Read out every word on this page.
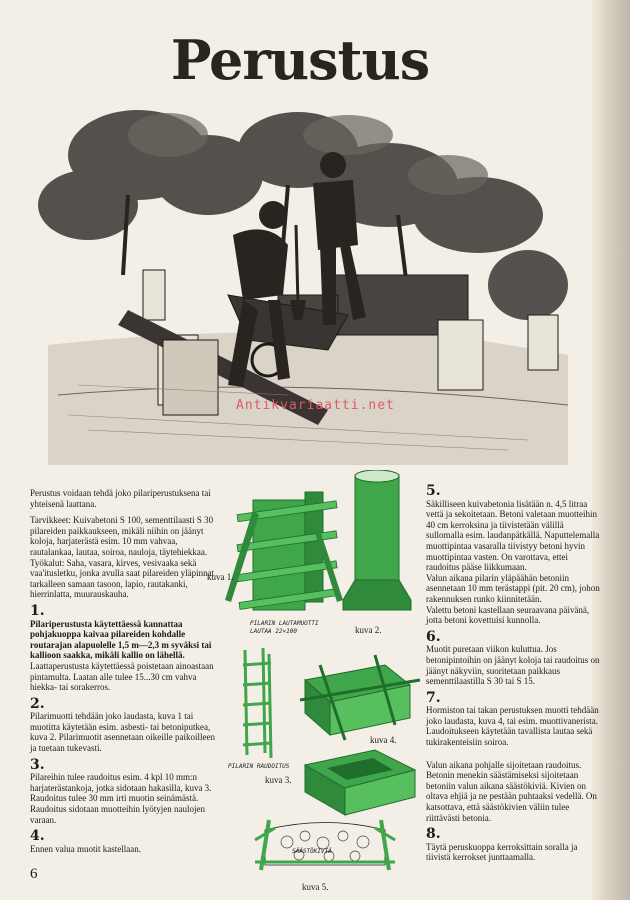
Perustus
Antikvariaatti.net

Perustus voidaan tehdä joko pilariperustuksena tai yhteisenä laattana.

Tarvikkeet: Kuivabetoni S 100, sementtilaasti S 30 pilareiden paikkaukseen, mikäli niihin on jäänyt koloja, harjaterästä esim. 10 mm vahvaa, rautalankaa, lautaa, soiroa, nauloja, täytehiekkaa. Työkalut: Saha, vasara, kirves, vesivaaka sekä vaa'itusletku, jonka avulla saat pilareiden yläpinnat tarkalleen samaan tasoon, lapio, rautakanki, hierrinlatta, muurauskauha.

1.

Pilariperustusta käytettäessä kannattaa pohjakuoppa kaivaa pilareiden kohdalle routarajan alapuolelle 1,5 m—2,3 m syväksi tai kallioon saakka, mikäli kallio on lähellä.

Laattaperustusta käytettäessä poistetaan ainoastaan pintamulta. Laatan alle tulee 15...30 cm vahva hiekka- tai sorakerros.

2.

Pilarimuotti tehdään joko laudasta, kuva 1 tai muotitta käytetään esim. asbesti- tai betoniputkea, kuva 2. Pilarimuotit asennetaan oikeille paikoilleen ja tuetaan tukevasti.

3.

Pilareihin tulee raudoitus esim. 4 kpl 10 mm:n harjaterästankoja, jotka sidotaan hakasilla, kuva 3. Raudoitus tulee 30 mm irti muotin seinämästä. Raudoitus sidotaan muotteihin lyötyjen naulojen varaan.

4.

Ennen valua muotit kastellaan.

6
kuva 1.
kuva 2.
kuva 3.
kuva 4.
kuva 5.
PILARIN LAUTAMUOTTI
LAUTAA 22×100
PILARIN RAUDOITUS
SÄÄSTÖKIVIÄ
5.

Säkilliseen kuivabetonia lisätään n. 4,5 litraa vettä ja sekoitetaan. Betoni valetaan muotteihin 40 cm kerroksina ja tiivistetään välillä sullomalla esim. laudanpätkällä. Naputtelemalla muottipintaa vasaralla tiivistyy betoni hyvin muottipintaa vasten. On varottava, ettei raudoitus pääse liikkumaan.

Valun aikana pilarin yläpäähän betoniin asennetaan 10 mm terästappi (pit. 20 cm), johon rakennuksen runko kiinnitetään.

Valettu betoni kastellaan seuraavana päivänä, jotta betoni kovettuisi kunnolla.

6.

Muotit puretaan viikon kuluttua. Jos betonipintoihin on jäänyt koloja tai raudoitus on jäänyt näkyviin, suoritetaan paikkaus sementtilaastilla S 30 tai S 15.

7.

Hormiston tai takan perustuksen muotti tehdään joko laudasta, kuva 4, tai esim. muottivanerista. Laudoitukseen käytetään tavallista lautaa sekä tukirakenteisiin soiroa.

Valun aikana pohjalle sijoitetaan raudoitus. Betonin menekin säästämiseksi sijoitetaan betoniin valun aikana säästökiviä. Kivien on oltava ehjiä ja ne pestään puhtaaksi vedellä. On katsottava, että säästökivien väliin tulee riittävästi betonia.

8.

Täytä peruskuoppa kerroksittain soralla ja tiivistä kerrokset junttaamalla.
